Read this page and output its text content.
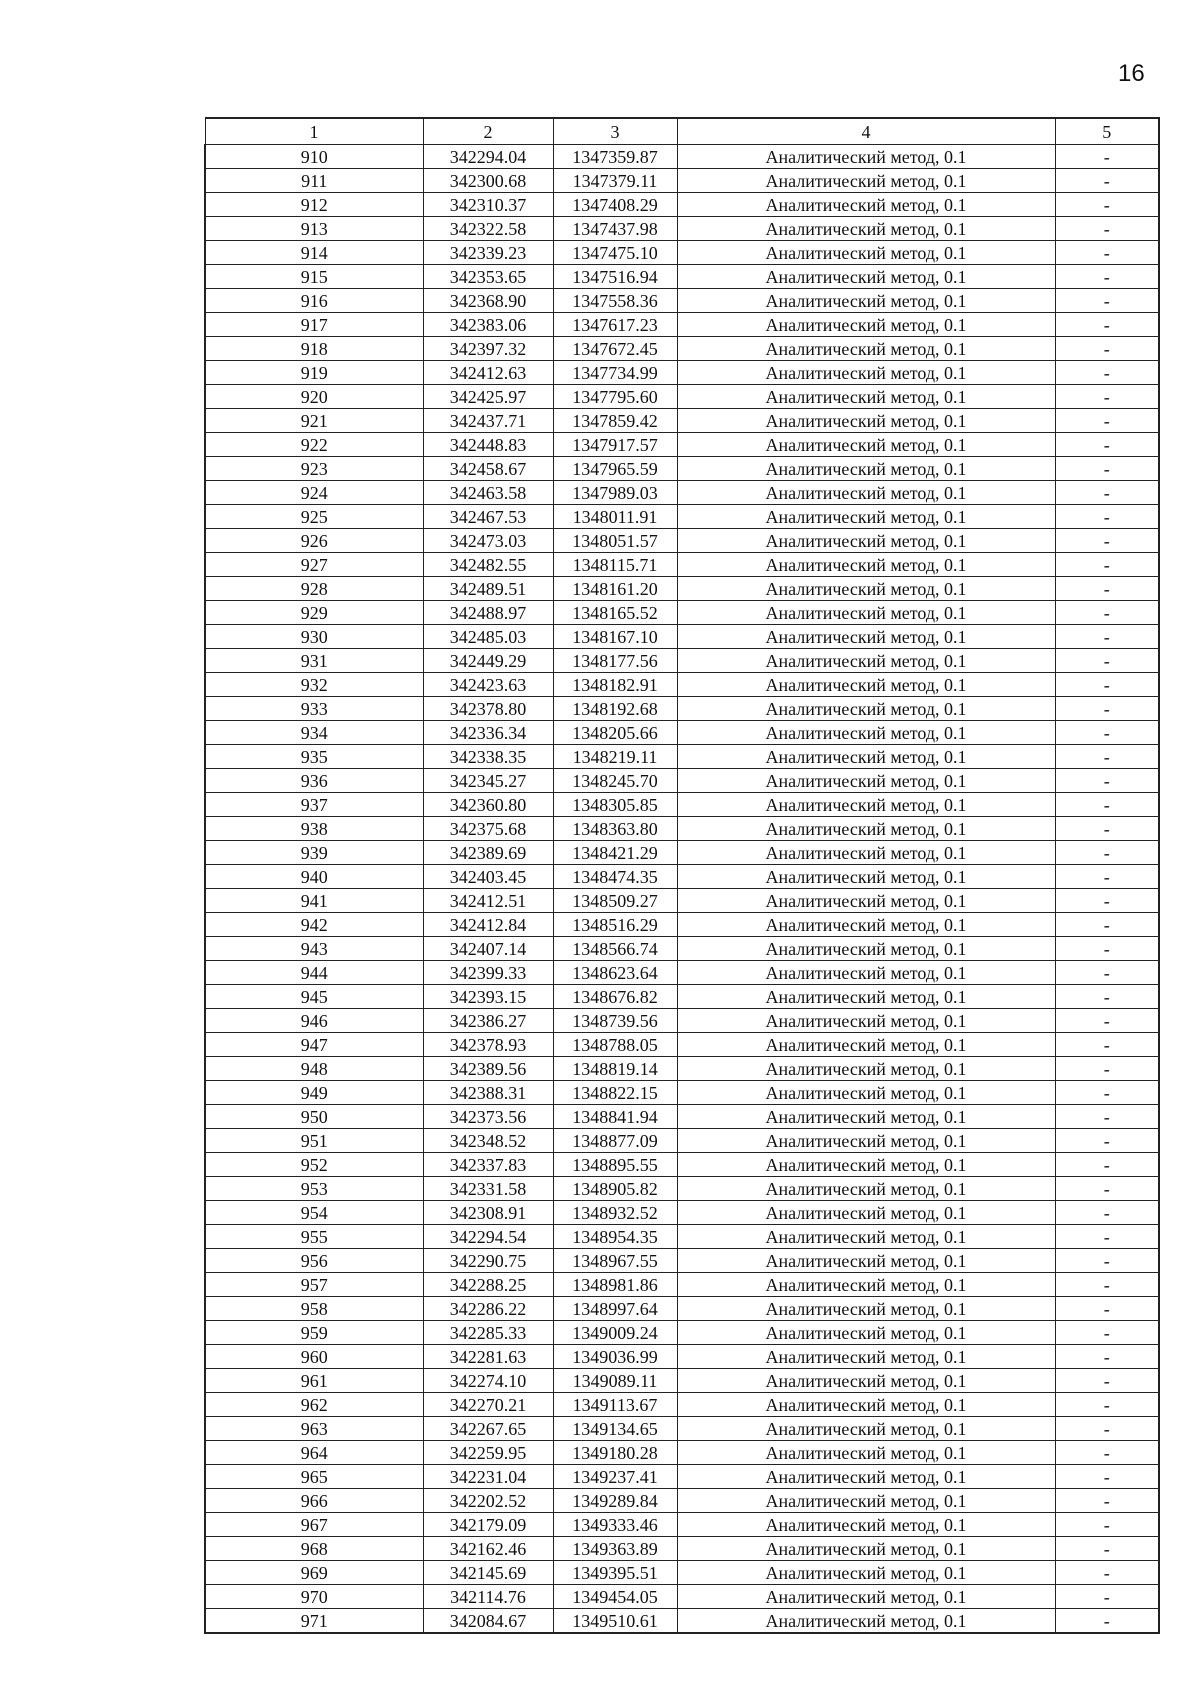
16
1	2	3	4	5
910	342294.04	1347359.87	Аналитический метод, 0.1	-
911	342300.68	1347379.11	Аналитический метод, 0.1	-
912	342310.37	1347408.29	Аналитический метод, 0.1	-
913	342322.58	1347437.98	Аналитический метод, 0.1	-
914	342339.23	1347475.10	Аналитический метод, 0.1	-
915	342353.65	1347516.94	Аналитический метод, 0.1	-
916	342368.90	1347558.36	Аналитический метод, 0.1	-
917	342383.06	1347617.23	Аналитический метод, 0.1	-
918	342397.32	1347672.45	Аналитический метод, 0.1	-
919	342412.63	1347734.99	Аналитический метод, 0.1	-
920	342425.97	1347795.60	Аналитический метод, 0.1	-
921	342437.71	1347859.42	Аналитический метод, 0.1	-
922	342448.83	1347917.57	Аналитический метод, 0.1	-
923	342458.67	1347965.59	Аналитический метод, 0.1	-
924	342463.58	1347989.03	Аналитический метод, 0.1	-
925	342467.53	1348011.91	Аналитический метод, 0.1	-
926	342473.03	1348051.57	Аналитический метод, 0.1	-
927	342482.55	1348115.71	Аналитический метод, 0.1	-
928	342489.51	1348161.20	Аналитический метод, 0.1	-
929	342488.97	1348165.52	Аналитический метод, 0.1	-
930	342485.03	1348167.10	Аналитический метод, 0.1	-
931	342449.29	1348177.56	Аналитический метод, 0.1	-
932	342423.63	1348182.91	Аналитический метод, 0.1	-
933	342378.80	1348192.68	Аналитический метод, 0.1	-
934	342336.34	1348205.66	Аналитический метод, 0.1	-
935	342338.35	1348219.11	Аналитический метод, 0.1	-
936	342345.27	1348245.70	Аналитический метод, 0.1	-
937	342360.80	1348305.85	Аналитический метод, 0.1	-
938	342375.68	1348363.80	Аналитический метод, 0.1	-
939	342389.69	1348421.29	Аналитический метод, 0.1	-
940	342403.45	1348474.35	Аналитический метод, 0.1	-
941	342412.51	1348509.27	Аналитический метод, 0.1	-
942	342412.84	1348516.29	Аналитический метод, 0.1	-
943	342407.14	1348566.74	Аналитический метод, 0.1	-
944	342399.33	1348623.64	Аналитический метод, 0.1	-
945	342393.15	1348676.82	Аналитический метод, 0.1	-
946	342386.27	1348739.56	Аналитический метод, 0.1	-
947	342378.93	1348788.05	Аналитический метод, 0.1	-
948	342389.56	1348819.14	Аналитический метод, 0.1	-
949	342388.31	1348822.15	Аналитический метод, 0.1	-
950	342373.56	1348841.94	Аналитический метод, 0.1	-
951	342348.52	1348877.09	Аналитический метод, 0.1	-
952	342337.83	1348895.55	Аналитический метод, 0.1	-
953	342331.58	1348905.82	Аналитический метод, 0.1	-
954	342308.91	1348932.52	Аналитический метод, 0.1	-
955	342294.54	1348954.35	Аналитический метод, 0.1	-
956	342290.75	1348967.55	Аналитический метод, 0.1	-
957	342288.25	1348981.86	Аналитический метод, 0.1	-
958	342286.22	1348997.64	Аналитический метод, 0.1	-
959	342285.33	1349009.24	Аналитический метод, 0.1	-
960	342281.63	1349036.99	Аналитический метод, 0.1	-
961	342274.10	1349089.11	Аналитический метод, 0.1	-
962	342270.21	1349113.67	Аналитический метод, 0.1	-
963	342267.65	1349134.65	Аналитический метод, 0.1	-
964	342259.95	1349180.28	Аналитический метод, 0.1	-
965	342231.04	1349237.41	Аналитический метод, 0.1	-
966	342202.52	1349289.84	Аналитический метод, 0.1	-
967	342179.09	1349333.46	Аналитический метод, 0.1	-
968	342162.46	1349363.89	Аналитический метод, 0.1	-
969	342145.69	1349395.51	Аналитический метод, 0.1	-
970	342114.76	1349454.05	Аналитический метод, 0.1	-
971	342084.67	1349510.61	Аналитический метод, 0.1	-
